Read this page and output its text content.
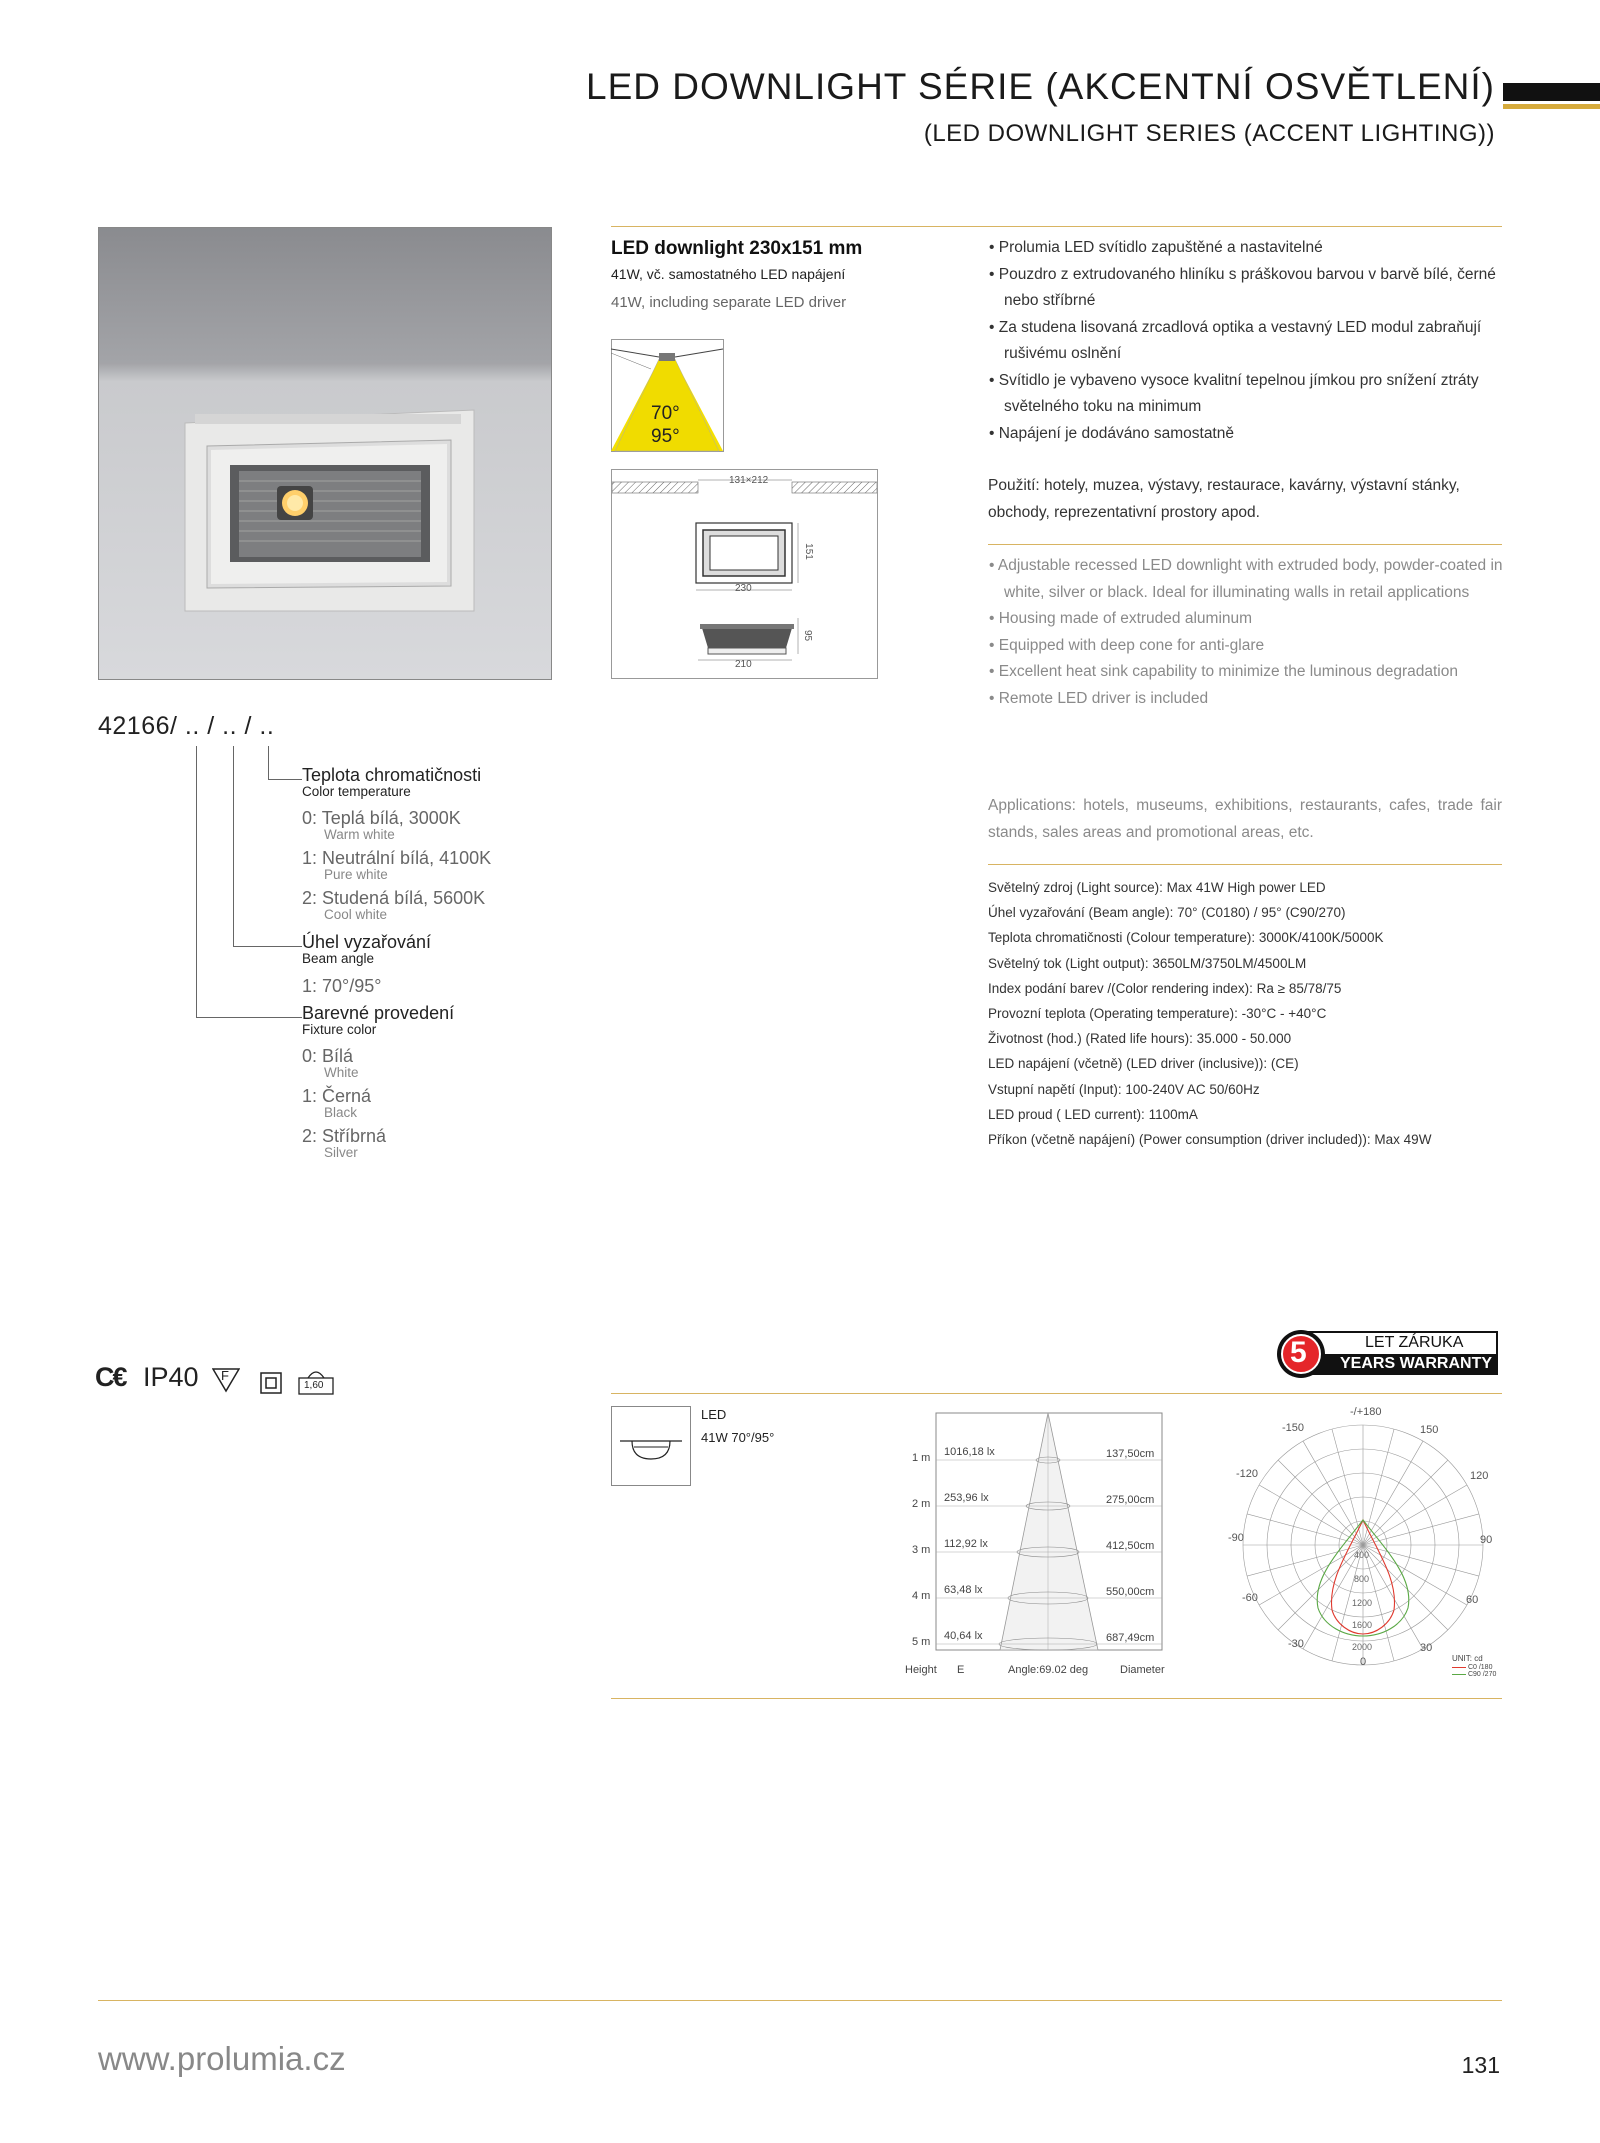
LED DOWNLIGHT SÉRIE (AKCENTNÍ OSVĚTLENÍ)
(LED DOWNLIGHT SERIES (ACCENT LIGHTING))
LED downlight 230x151 mm
41W, vč. samostatného LED napájení
41W, including separate LED driver
70°
95°
131×212
230
151
95
210
• Prolumia LED svítidlo zapuštěné a nastavitelné
• Pouzdro z extrudovaného hliníku s práškovou barvou v barvě bílé, černé nebo stříbrné
• Za studena lisovaná zrcadlová optika a vestavný LED modul zabraňují rušivému oslnění
• Svítidlo je vybaveno vysoce kvalitní tepelnou jímkou pro snížení ztráty světelného toku na minimum
• Napájení je dodáváno samostatně
Použití: hotely, muzea, výstavy, restaurace, kavárny, výstavní stánky, obchody, reprezentativní prostory apod.
• Adjustable recessed LED downlight with extruded body, powder-coated in white, silver or black. Ideal for illuminating walls in retail applications
• Housing made of extruded aluminum
• Equipped with deep cone for anti-glare
• Excellent heat sink capability to minimize the luminous degradation
• Remote LED driver is included
Applications: hotels, museums, exhibitions, restaurants, cafes, trade fair stands, sales areas and promotional areas, etc.
Světelný zdroj (Light source): Max 41W High power LED
Úhel vyzařování (Beam angle): 70° (C0180) / 95° (C90/270)
Teplota chromatičnosti (Colour temperature): 3000K/4100K/5000K
Světelný tok (Light output): 3650LM/3750LM/4500LM
Index podání barev /(Color rendering index): Ra ≥ 85/78/75
Provozní teplota (Operating temperature): -30°C - +40°C
Životnost (hod.) (Rated life hours): 35.000 - 50.000
LED napájení (včetně) (LED driver (inclusive)): (CE)
Vstupní napětí (Input): 100-240V AC 50/60Hz
LED proud ( LED current): 1100mA
Příkon (včetně napájení) (Power consumption (driver included)): Max 49W
42166/ .. / .. / ..
Teplota chromatičnosti
Color temperature
0: Teplá bílá, 3000K
Warm white
1: Neutrální bílá, 4100K
Pure white
2: Studená bílá, 5600K
Cool white
Úhel vyzařování
Beam angle
1: 70°/95°
Barevné provedení
Fixture color
0: Bílá
White
1: Černá
Black
2: Stříbrná
Silver
C€ IP40 F
1,60
5	LET ZÁRUKA
YEARS WARRANTY
LED
41W 70°/95°
1 m 1016,18 lx	137,50cm
2 m 253,96 lx	275,00cm
3 m 112,92 lx	412,50cm
4 m 63,48 lx	550,00cm
5 m 40,64 lx	687,49cm
Height E	Angle:69.02 deg	Diameter
-/+180
-150	150
-120	120
-90	90
-60	60
-30	30
0
400
800
1200
1600
2000
UNIT: cd
C0 /180
C90 /270
www.prolumia.cz	131
